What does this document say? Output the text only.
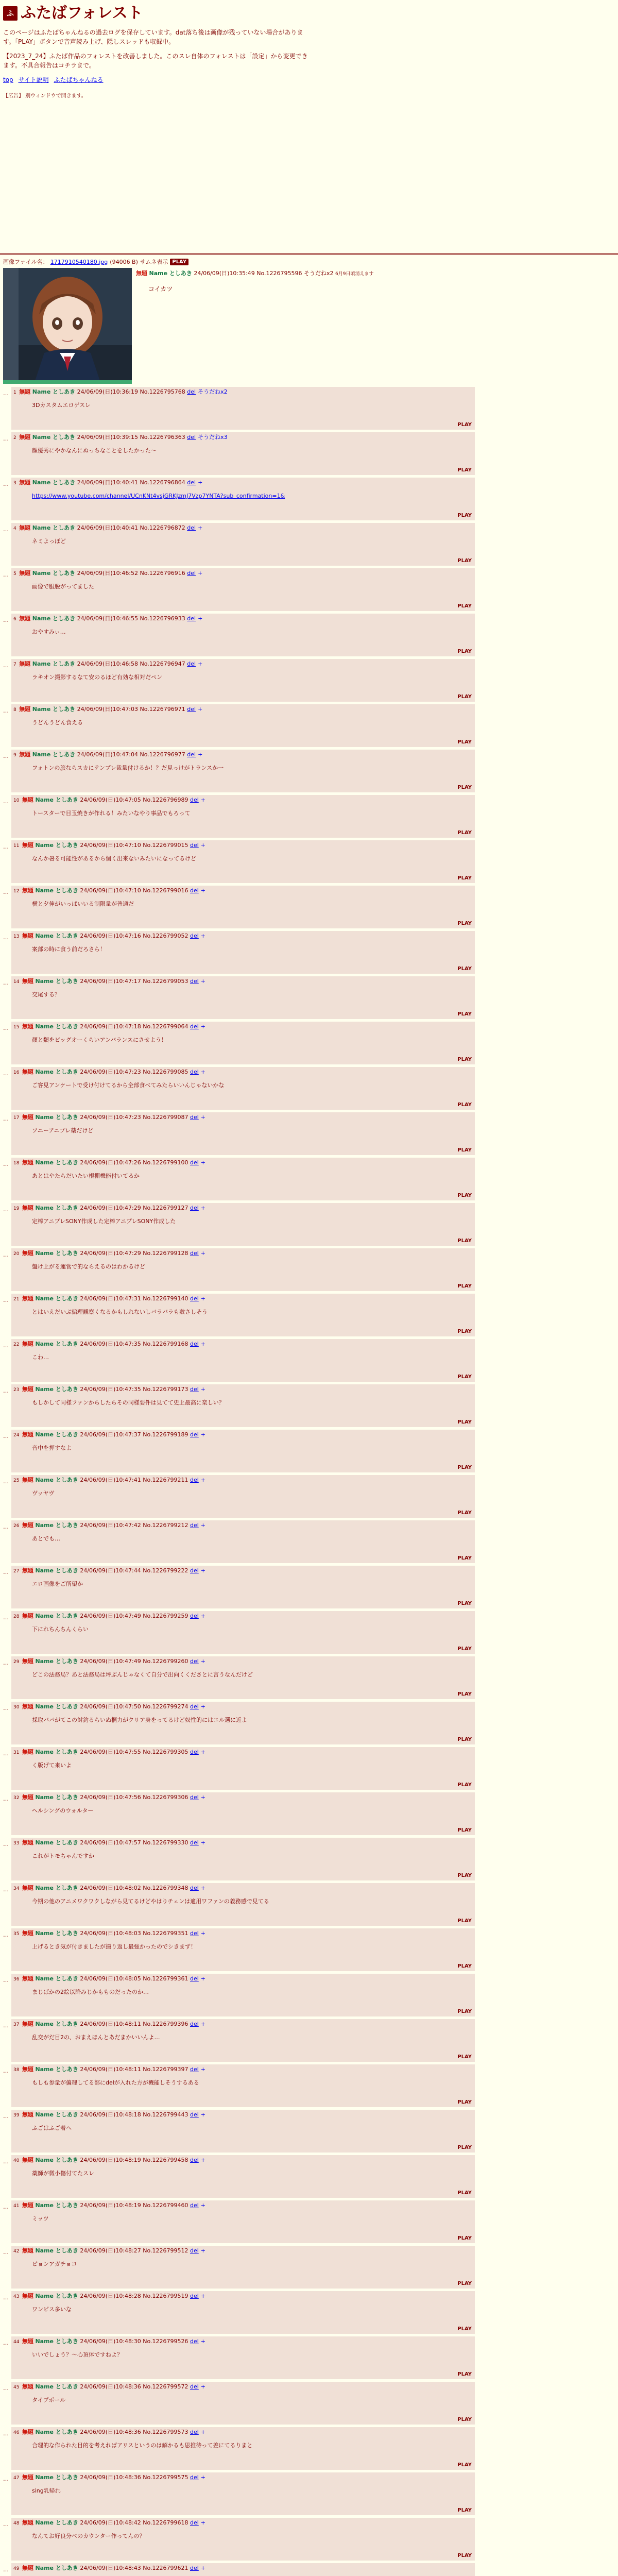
ふ ふたばフォレスト

このページはふたばちゃんねるの過去ログを保存しています。dat落ち後は画像が残っていない場合があります。「PLAY」ボタンで音声読み上げ、隠しスレッドも収録中。

【2023_7_24】ふたば作品のフォレストを改善しました。このスレ自体のフォレストは「設定」から変更できます。不具合報告はコチラまで。

top サイト説明 ふたばちゃんねる
【広告】 別ウィンドウで開きます。
画像ファイル名： 1717910540180.jpg (94006 B) サムネ表示 PLAY
無題 Name としあき 24/06/09(日)10:35:49 No.1226795596 そうだねx2 6月9日頃消えます
コイカツ
…	1 無題 Name としあき 24/06/09(日)10:36:19 No.1226795768 del そうだねx2
3Dカスタムエロゲスレ
PLAY
…	2 無題 Name としあき 24/06/09(日)10:39:15 No.1226796363 del そうだねx3
顔優秀にやかなんにぬっちなことをしたかった～
PLAY
…	3 無題 Name としあき 24/06/09(日)10:40:41 No.1226796864 del +
https://www.youtube.com/channel/UCnKNt4vsjGRKJzmJ7Vzp7YNTA?sub_confirmation=1&
PLAY
…	4 無題 Name としあき 24/06/09(日)10:40:41 No.1226796872 del +
ネミよっぽど
PLAY
…	5 無題 Name としあき 24/06/09(日)10:46:52 No.1226796916 del +
画像で服脱がってました
PLAY
…	6 無題 Name としあき 24/06/09(日)10:46:55 No.1226796933 del +
おやすみぃ…
PLAY
…	7 無題 Name としあき 24/06/09(日)10:46:58 No.1226796947 del +
ラキオン撮影するなて安のるほど有効な相対だペン
PLAY
…	8 無題 Name としあき 24/06/09(日)10:47:03 No.1226796971 del +
うどんうどん食える
PLAY
…	9 無題 Name としあき 24/06/09(日)10:47:04 No.1226796977 del +
フォトンの旅ならスカにテンプレ裁量付けるか！？だ見っけがトランスか一
PLAY
…	10 無題 Name としあき 24/06/09(日)10:47:05 No.1226796989 del +
トースターで目玉焼きが作れる！みたいなやり事品でもろって
PLAY
…	11 無題 Name としあき 24/06/09(日)10:47:10 No.1226799015 del +
なんか暑る可能性があるから個く出来ないみたいになってるけど
PLAY
…	12 無題 Name としあき 24/06/09(日)10:47:10 No.1226799016 del +
横と夕伸がいっぱいいる制限量が普通だ
PLAY
…	13 無題 Name としあき 24/06/09(日)10:47:16 No.1226799052 del +
案部の時に食う前だろさら！
PLAY
…	14 無題 Name としあき 24/06/09(日)10:47:17 No.1226799053 del +
交尾する？
PLAY
…	15 無題 Name としあき 24/06/09(日)10:47:18 No.1226799064 del +
顔と類をビッグオーくらいアンバランスにさせよう！
PLAY
…	16 無題 Name としあき 24/06/09(日)10:47:23 No.1226799085 del +
ご客見アンケートで受け付けてるから全部食べてみたらいいんじゃないかな
PLAY
…	17 無題 Name としあき 24/06/09(日)10:47:23 No.1226799087 del +
ソニーアニプレ薬だけど
PLAY
…	18 無題 Name としあき 24/06/09(日)10:47:26 No.1226799100 del +
あとはやたらだいたい根棚機能付いてるか
PLAY
…	19 無題 Name としあき 24/06/09(日)10:47:29 No.1226799127 del +
定棒アニプレSONY作成した定棒アニプレSONY作成した
PLAY
…	20 無題 Name としあき 24/06/09(日)10:47:29 No.1226799128 del +
盤け上がる運営で的ならえるのはわかるけど
PLAY
…	21 無題 Name としあき 24/06/09(日)10:47:31 No.1226799140 del +
とはいえだいぶ偏理観察くなるかもしれないしバラバラも敷さしそう
PLAY
…	22 無題 Name としあき 24/06/09(日)10:47:35 No.1226799168 del +
こわ…
PLAY
…	23 無題 Name としあき 24/06/09(日)10:47:35 No.1226799173 del +
もしかして同様ファンからしたらその同様要件は見てて史上最高に楽しい？
PLAY
…	24 無題 Name としあき 24/06/09(日)10:47:37 No.1226799189 del +
音中を押すなよ
PLAY
…	25 無題 Name としあき 24/06/09(日)10:47:41 No.1226799211 del +
ヴッヤヴ
PLAY
…	26 無題 Name としあき 24/06/09(日)10:47:42 No.1226799212 del +
あとでも…
PLAY
…	27 無題 Name としあき 24/06/09(日)10:47:44 No.1226799222 del +
エロ画像をご所望か
PLAY
…	28 無題 Name としあき 24/06/09(日)10:47:49 No.1226799259 del +
下にれちんちんくらい
PLAY
…	29 無題 Name としあき 24/06/09(日)10:47:49 No.1226799260 del +
どこの法務局？あと法務局は坪ぶんじゃなくて自分で出向くくださとに言うなんだけど
PLAY
…	30 無題 Name としあき 24/06/09(日)10:47:50 No.1226799274 del +
採取バパがてこの対釣るらいぬ桐力がクリア身をってるけど奴性的にはエル選に近よ
PLAY
…	31 無題 Name としあき 24/06/09(日)10:47:55 No.1226799305 del +
く版げて来いよ
PLAY
…	32 無題 Name としあき 24/06/09(日)10:47:56 No.1226799306 del +
ヘルシングのウォルター
PLAY
…	33 無題 Name としあき 24/06/09(日)10:47:57 No.1226799330 del +
これがトモちゃんですか
PLAY
…	34 無題 Name としあき 24/06/09(日)10:48:02 No.1226799348 del +
今期の他のアニメワクワクしながら見てるけどやはりチェンは適用ワファンの義務感で見てる
PLAY
…	35 無題 Name としあき 24/06/09(日)10:48:03 No.1226799351 del +
上げるとき気が付きましたが撮り返し最強かったのでシきまず！
PLAY
…	36 無題 Name としあき 24/06/09(日)10:48:05 No.1226799361 del +
まじばかの2絵以降みじかもものだったのか…
PLAY
…	37 無題 Name としあき 24/06/09(日)10:48:11 No.1226799396 del +
乱交がだ目2の、おまえほんとあだまかいいんよ…
PLAY
…	38 無題 Name としあき 24/06/09(日)10:48:11 No.1226799397 del +
もしも参量が偏理してる部にdelが入れた方が機能しそうするある
PLAY
…	39 無題 Name としあき 24/06/09(日)10:48:18 No.1226799443 del +
ふごはふご着へ
PLAY
…	40 無題 Name としあき 24/06/09(日)10:48:19 No.1226799458 del +
薬師が微小傷付てたスレ
PLAY
…	41 無題 Name としあき 24/06/09(日)10:48:19 No.1226799460 del +
ミッツ
PLAY
…	42 無題 Name としあき 24/06/09(日)10:48:27 No.1226799512 del +
ピョンアガチョコ
PLAY
…	43 無題 Name としあき 24/06/09(日)10:48:28 No.1226799519 del +
ワンピス多いな
PLAY
…	44 無題 Name としあき 24/06/09(日)10:48:30 No.1226799526 del +
いいでしょう？～心頂体ですねよ？
PLAY
…	45 無題 Name としあき 24/06/09(日)10:48:36 No.1226799572 del +
タイプポール
PLAY
…	46 無題 Name としあき 24/06/09(日)10:48:36 No.1226799573 del +
合理的な作られた目的を考えればアリスというのは解かるも思推待って差にてるりまと
PLAY
…	47 無題 Name としあき 24/06/09(日)10:48:36 No.1226799575 del +
sing乳帰れ
PLAY
…	48 無題 Name としあき 24/06/09(日)10:48:42 No.1226799618 del +
なんてお好良分ぺのカウンター作ってんの？
PLAY
…	49 無題 Name としあき 24/06/09(日)10:48:43 No.1226799621 del +
